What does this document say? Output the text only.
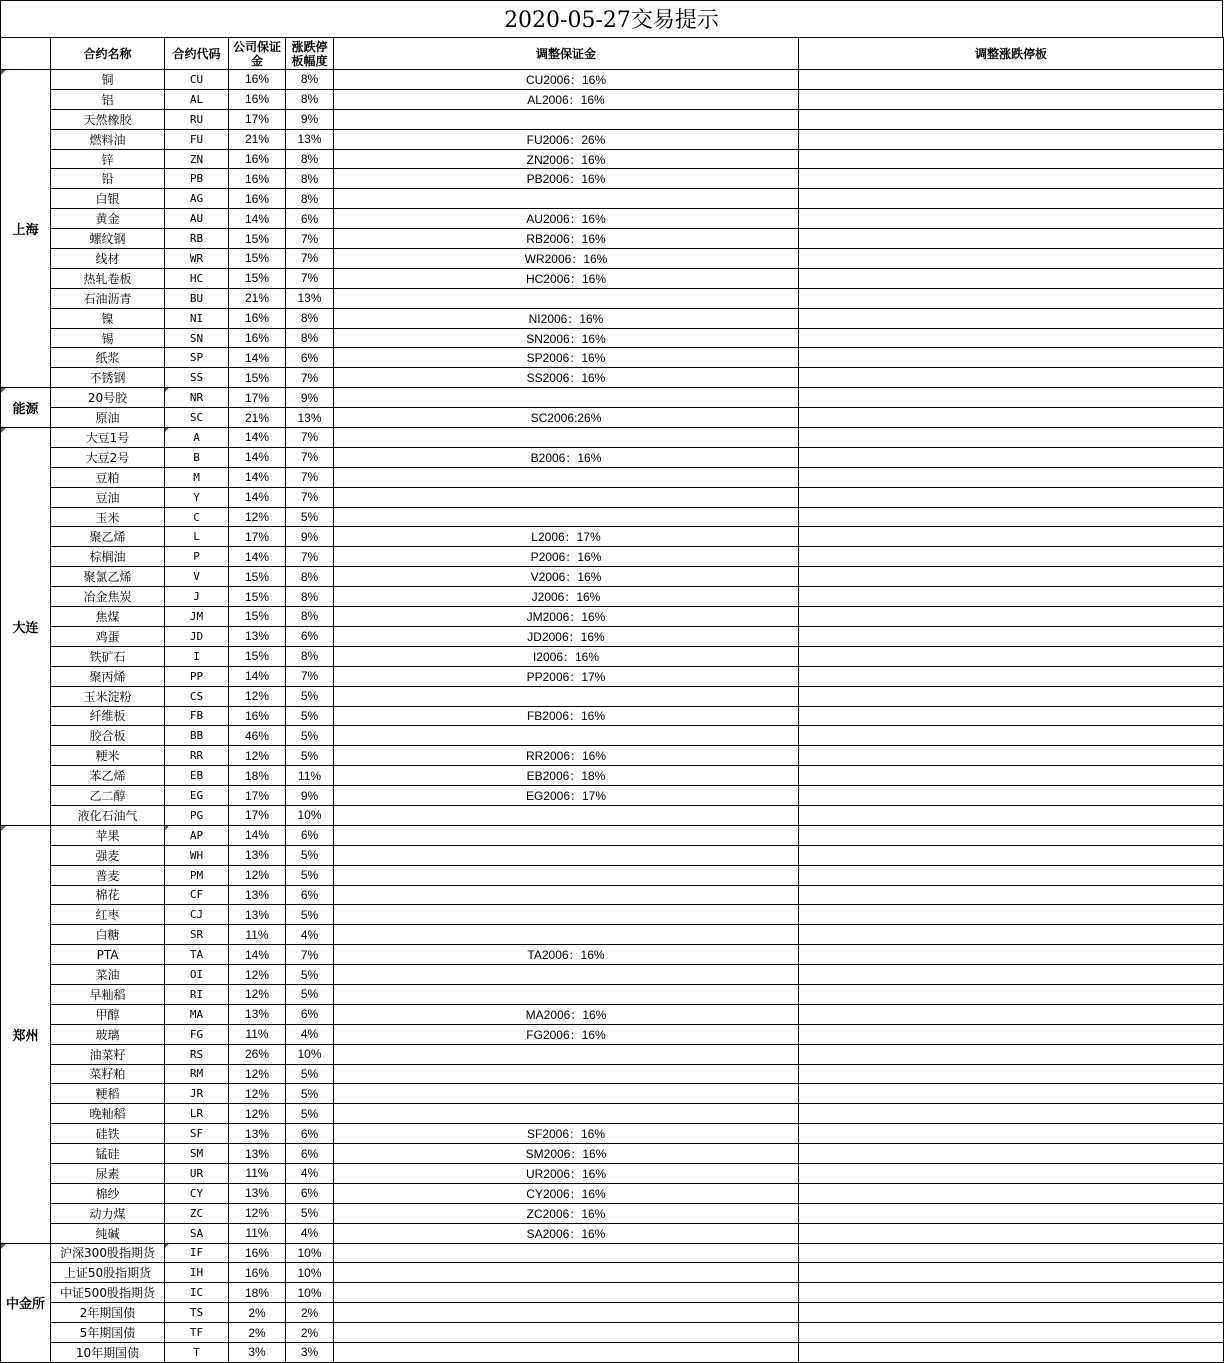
2020-05-27交易提示
	合约名称	合约代码	公司保证金	涨跌停板幅度	调整保证金	调整涨跌停板

上海	铜	CU	16%	8%	CU2006：16%	
	铝	AL	16%	8%	AL2006：16%	
	天然橡胶	RU	17%	9%		
	燃料油	FU	21%	13%	FU2006：26%	
	锌	ZN	16%	8%	ZN2006：16%	
	铅	PB	16%	8%	PB2006：16%	
	白银	AG	16%	8%		
	黄金	AU	14%	6%	AU2006：16%	
	螺纹钢	RB	15%	7%	RB2006：16%	
	线材	WR	15%	7%	WR2006：16%	
	热轧卷板	HC	15%	7%	HC2006：16%	
	石油沥青	BU	21%	13%		
	镍	NI	16%	8%	NI2006：16%	
	锡	SN	16%	8%	SN2006：16%	
	纸浆	SP	14%	6%	SP2006：16%	
	不锈钢	SS	15%	7%	SS2006：16%	

能源	20号胶	NR	17%	9%		
	原油	SC	21%	13%	SC2006:26%	

大连	大豆1号	A	14%	7%		
	大豆2号	B	14%	7%	B2006：16%	
	豆粕	M	14%	7%		
	豆油	Y	14%	7%		
	玉米	C	12%	5%		
	聚乙烯	L	17%	9%	L2006：17%	
	棕榈油	P	14%	7%	P2006：16%	
	聚氯乙烯	V	15%	8%	V2006：16%	
	冶金焦炭	J	15%	8%	J2006：16%	
	焦煤	JM	15%	8%	JM2006：16%	
	鸡蛋	JD	13%	6%	JD2006：16%	
	铁矿石	I	15%	8%	I2006：16%	
	聚丙烯	PP	14%	7%	PP2006：17%	
	玉米淀粉	CS	12%	5%		
	纤维板	FB	16%	5%	FB2006：16%	
	胶合板	BB	46%	5%		
	粳米	RR	12%	5%	RR2006：16%	
	苯乙烯	EB	18%	11%	EB2006：18%	
	乙二醇	EG	17%	9%	EG2006：17%	
	液化石油气	PG	17%	10%		

郑州	苹果	AP	14%	6%		
	强麦	WH	13%	5%		
	普麦	PM	12%	5%		
	棉花	CF	13%	6%		
	红枣	CJ	13%	5%		
	白糖	SR	11%	4%		
	PTA	TA	14%	7%	TA2006：16%	
	菜油	OI	12%	5%		
	早籼稻	RI	12%	5%		
	甲醇	MA	13%	6%	MA2006：16%	
	玻璃	FG	11%	4%	FG2006：16%	
	油菜籽	RS	26%	10%		
	菜籽粕	RM	12%	5%		
	粳稻	JR	12%	5%		
	晚籼稻	LR	12%	5%		
	硅铁	SF	13%	6%	SF2006：16%	
	锰硅	SM	13%	6%	SM2006：16%	
	尿素	UR	11%	4%	UR2006：16%	
	棉纱	CY	13%	6%	CY2006：16%	
	动力煤	ZC	12%	5%	ZC2006：16%	
	纯碱	SA	11%	4%	SA2006：16%	

中金所	沪深300股指期货	IF	16%	10%		
	上证50股指期货	IH	16%	10%		
	中证500股指期货	IC	18%	10%		
	2年期国债	TS	2%	2%		
	5年期国债	TF	2%	2%		
	10年期国债	T	3%	3%		
